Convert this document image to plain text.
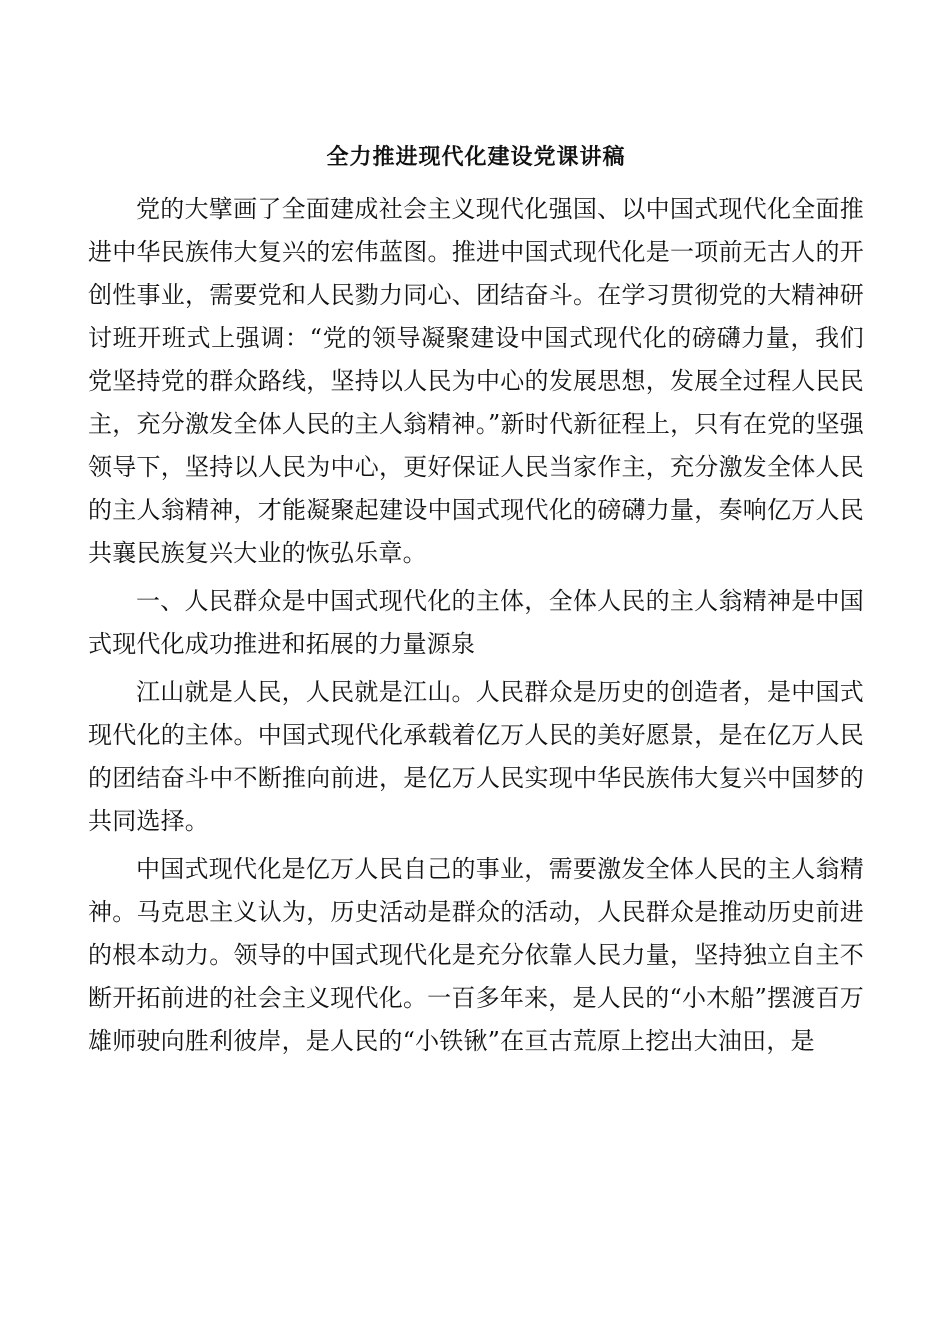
全力推进现代化建设党课讲稿

党的大擘画了全面建成社会主义现代化强国、以中国式现代化全面推进中华民族伟大复兴的宏伟蓝图。推进中国式现代化是一项前无古人的开创性事业，需要党和人民勠力同心、团结奋斗。在学习贯彻党的大精神研讨班开班式上强调：“党的领导凝聚建设中国式现代化的磅礴力量，我们党坚持党的群众路线，坚持以人民为中心的发展思想，发展全过程人民民主，充分激发全体人民的主人翁精神。”新时代新征程上，只有在党的坚强领导下，坚持以人民为中心，更好保证人民当家作主，充分激发全体人民的主人翁精神，才能凝聚起建设中国式现代化的磅礴力量，奏响亿万人民共襄民族复兴大业的恢弘乐章。

一、人民群众是中国式现代化的主体，全体人民的主人翁精神是中国式现代化成功推进和拓展的力量源泉

江山就是人民，人民就是江山。人民群众是历史的创造者，是中国式现代化的主体。中国式现代化承载着亿万人民的美好愿景，是在亿万人民的团结奋斗中不断推向前进，是亿万人民实现中华民族伟大复兴中国梦的共同选择。

中国式现代化是亿万人民自己的事业，需要激发全体人民的主人翁精神。马克思主义认为，历史活动是群众的活动，人民群众是推动历史前进的根本动力。领导的中国式现代化是充分依靠人民力量，坚持独立自主不断开拓前进的社会主义现代化。一百多年来，是人民的“小木船”摆渡百万雄师驶向胜利彼岸，是人民的“小铁锹”在亘古荒原上挖出大油田，是
